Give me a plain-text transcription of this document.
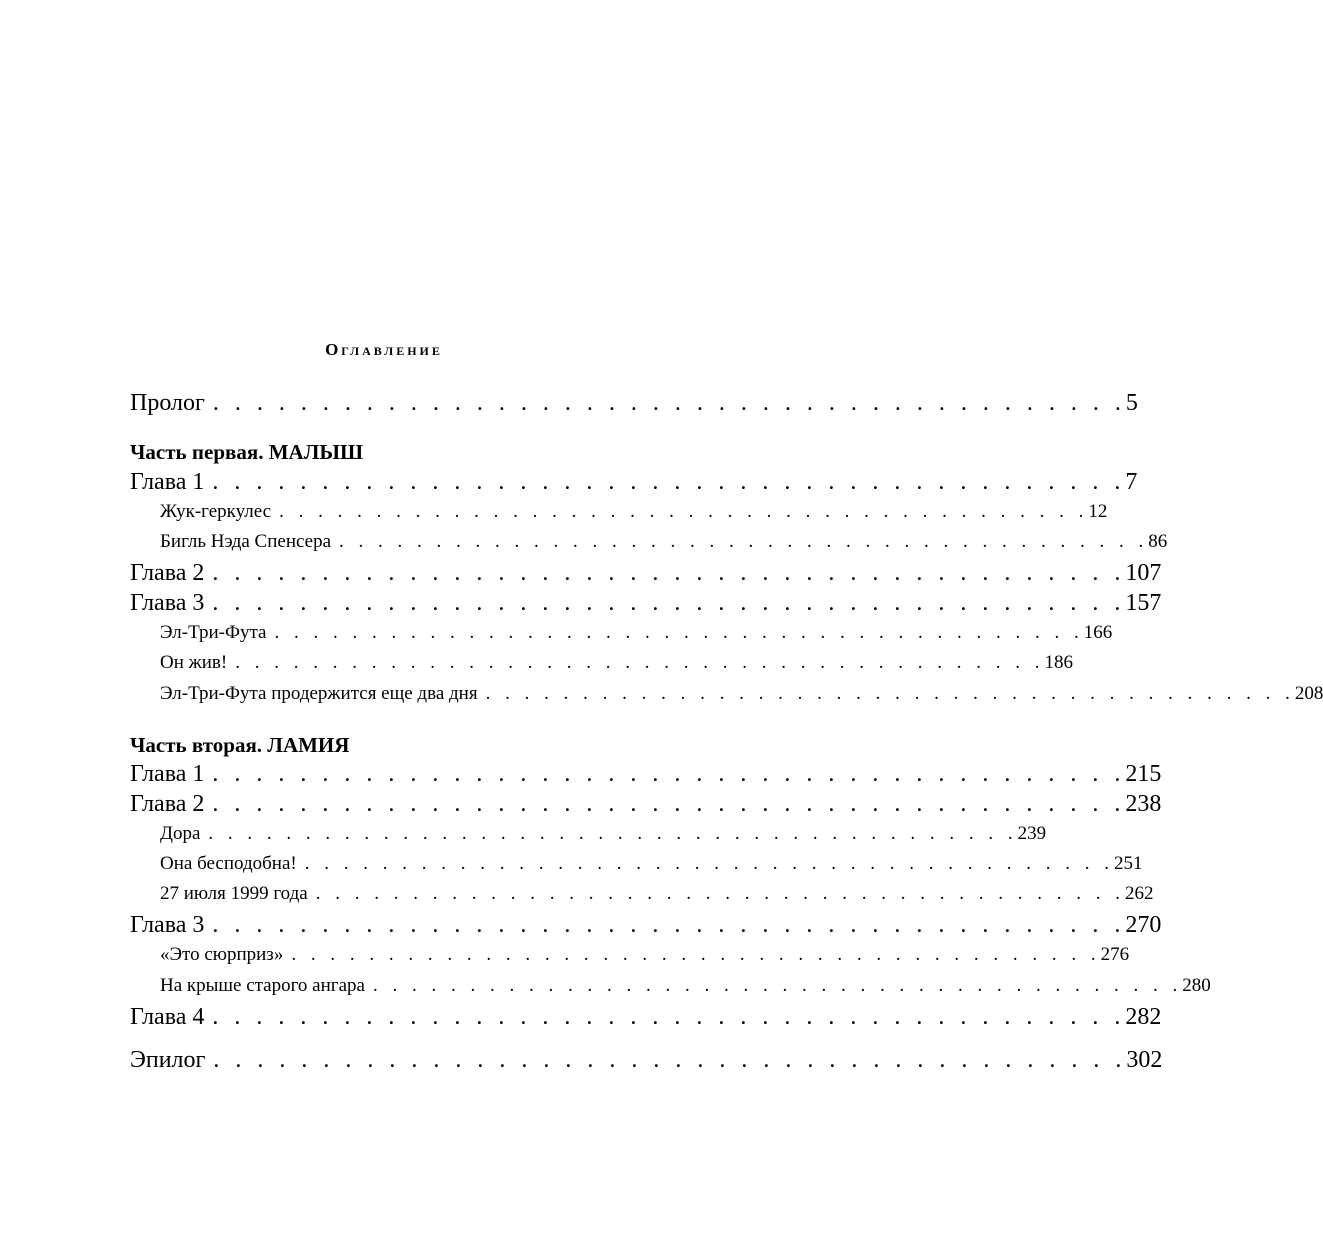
Оглавление
Пролог . . . . . . . . . . . . . . . . . . . . . . . . . . . . . . . . . . . . . . . . . . 5
Часть первая. МАЛЫШ
Глава 1 . . . . . . . . . . . . . . . . . . . . . . . . . . . . . . . . . . . . . . . . . . 7
Жук-геркулес . . . . . . . . . . . . . . . . . . . . . . . . . . . . . . . . . . . . . . . . . . 12
Бигль Нэда Спенсера . . . . . . . . . . . . . . . . . . . . . . . . . . . . . . . . . . . . . . . . . . 86
Глава 2 . . . . . . . . . . . . . . . . . . . . . . . . . . . . . . . . . . . . . . . . . . 107
Глава 3 . . . . . . . . . . . . . . . . . . . . . . . . . . . . . . . . . . . . . . . . . . 157
Эл-Три-Фута . . . . . . . . . . . . . . . . . . . . . . . . . . . . . . . . . . . . . . . . . . 166
Он жив! . . . . . . . . . . . . . . . . . . . . . . . . . . . . . . . . . . . . . . . . . . 186
Эл-Три-Фута продержится еще два дня . . . . . . . . . . . . . . . . . . . . . . . . . . . . . . . . . . . . . . . . . . 208
Часть вторая. ЛАМИЯ
Глава 1 . . . . . . . . . . . . . . . . . . . . . . . . . . . . . . . . . . . . . . . . . . 215
Глава 2 . . . . . . . . . . . . . . . . . . . . . . . . . . . . . . . . . . . . . . . . . . 238
Дора . . . . . . . . . . . . . . . . . . . . . . . . . . . . . . . . . . . . . . . . . . 239
Она бесподобна! . . . . . . . . . . . . . . . . . . . . . . . . . . . . . . . . . . . . . . . . . . 251
27 июля 1999 года . . . . . . . . . . . . . . . . . . . . . . . . . . . . . . . . . . . . . . . . . . 262
Глава 3 . . . . . . . . . . . . . . . . . . . . . . . . . . . . . . . . . . . . . . . . . . 270
«Это сюрприз» . . . . . . . . . . . . . . . . . . . . . . . . . . . . . . . . . . . . . . . . . . 276
На крыше старого ангара . . . . . . . . . . . . . . . . . . . . . . . . . . . . . . . . . . . . . . . . . . 280
Глава 4 . . . . . . . . . . . . . . . . . . . . . . . . . . . . . . . . . . . . . . . . . . 282
Эпилог . . . . . . . . . . . . . . . . . . . . . . . . . . . . . . . . . . . . . . . . . . 302
